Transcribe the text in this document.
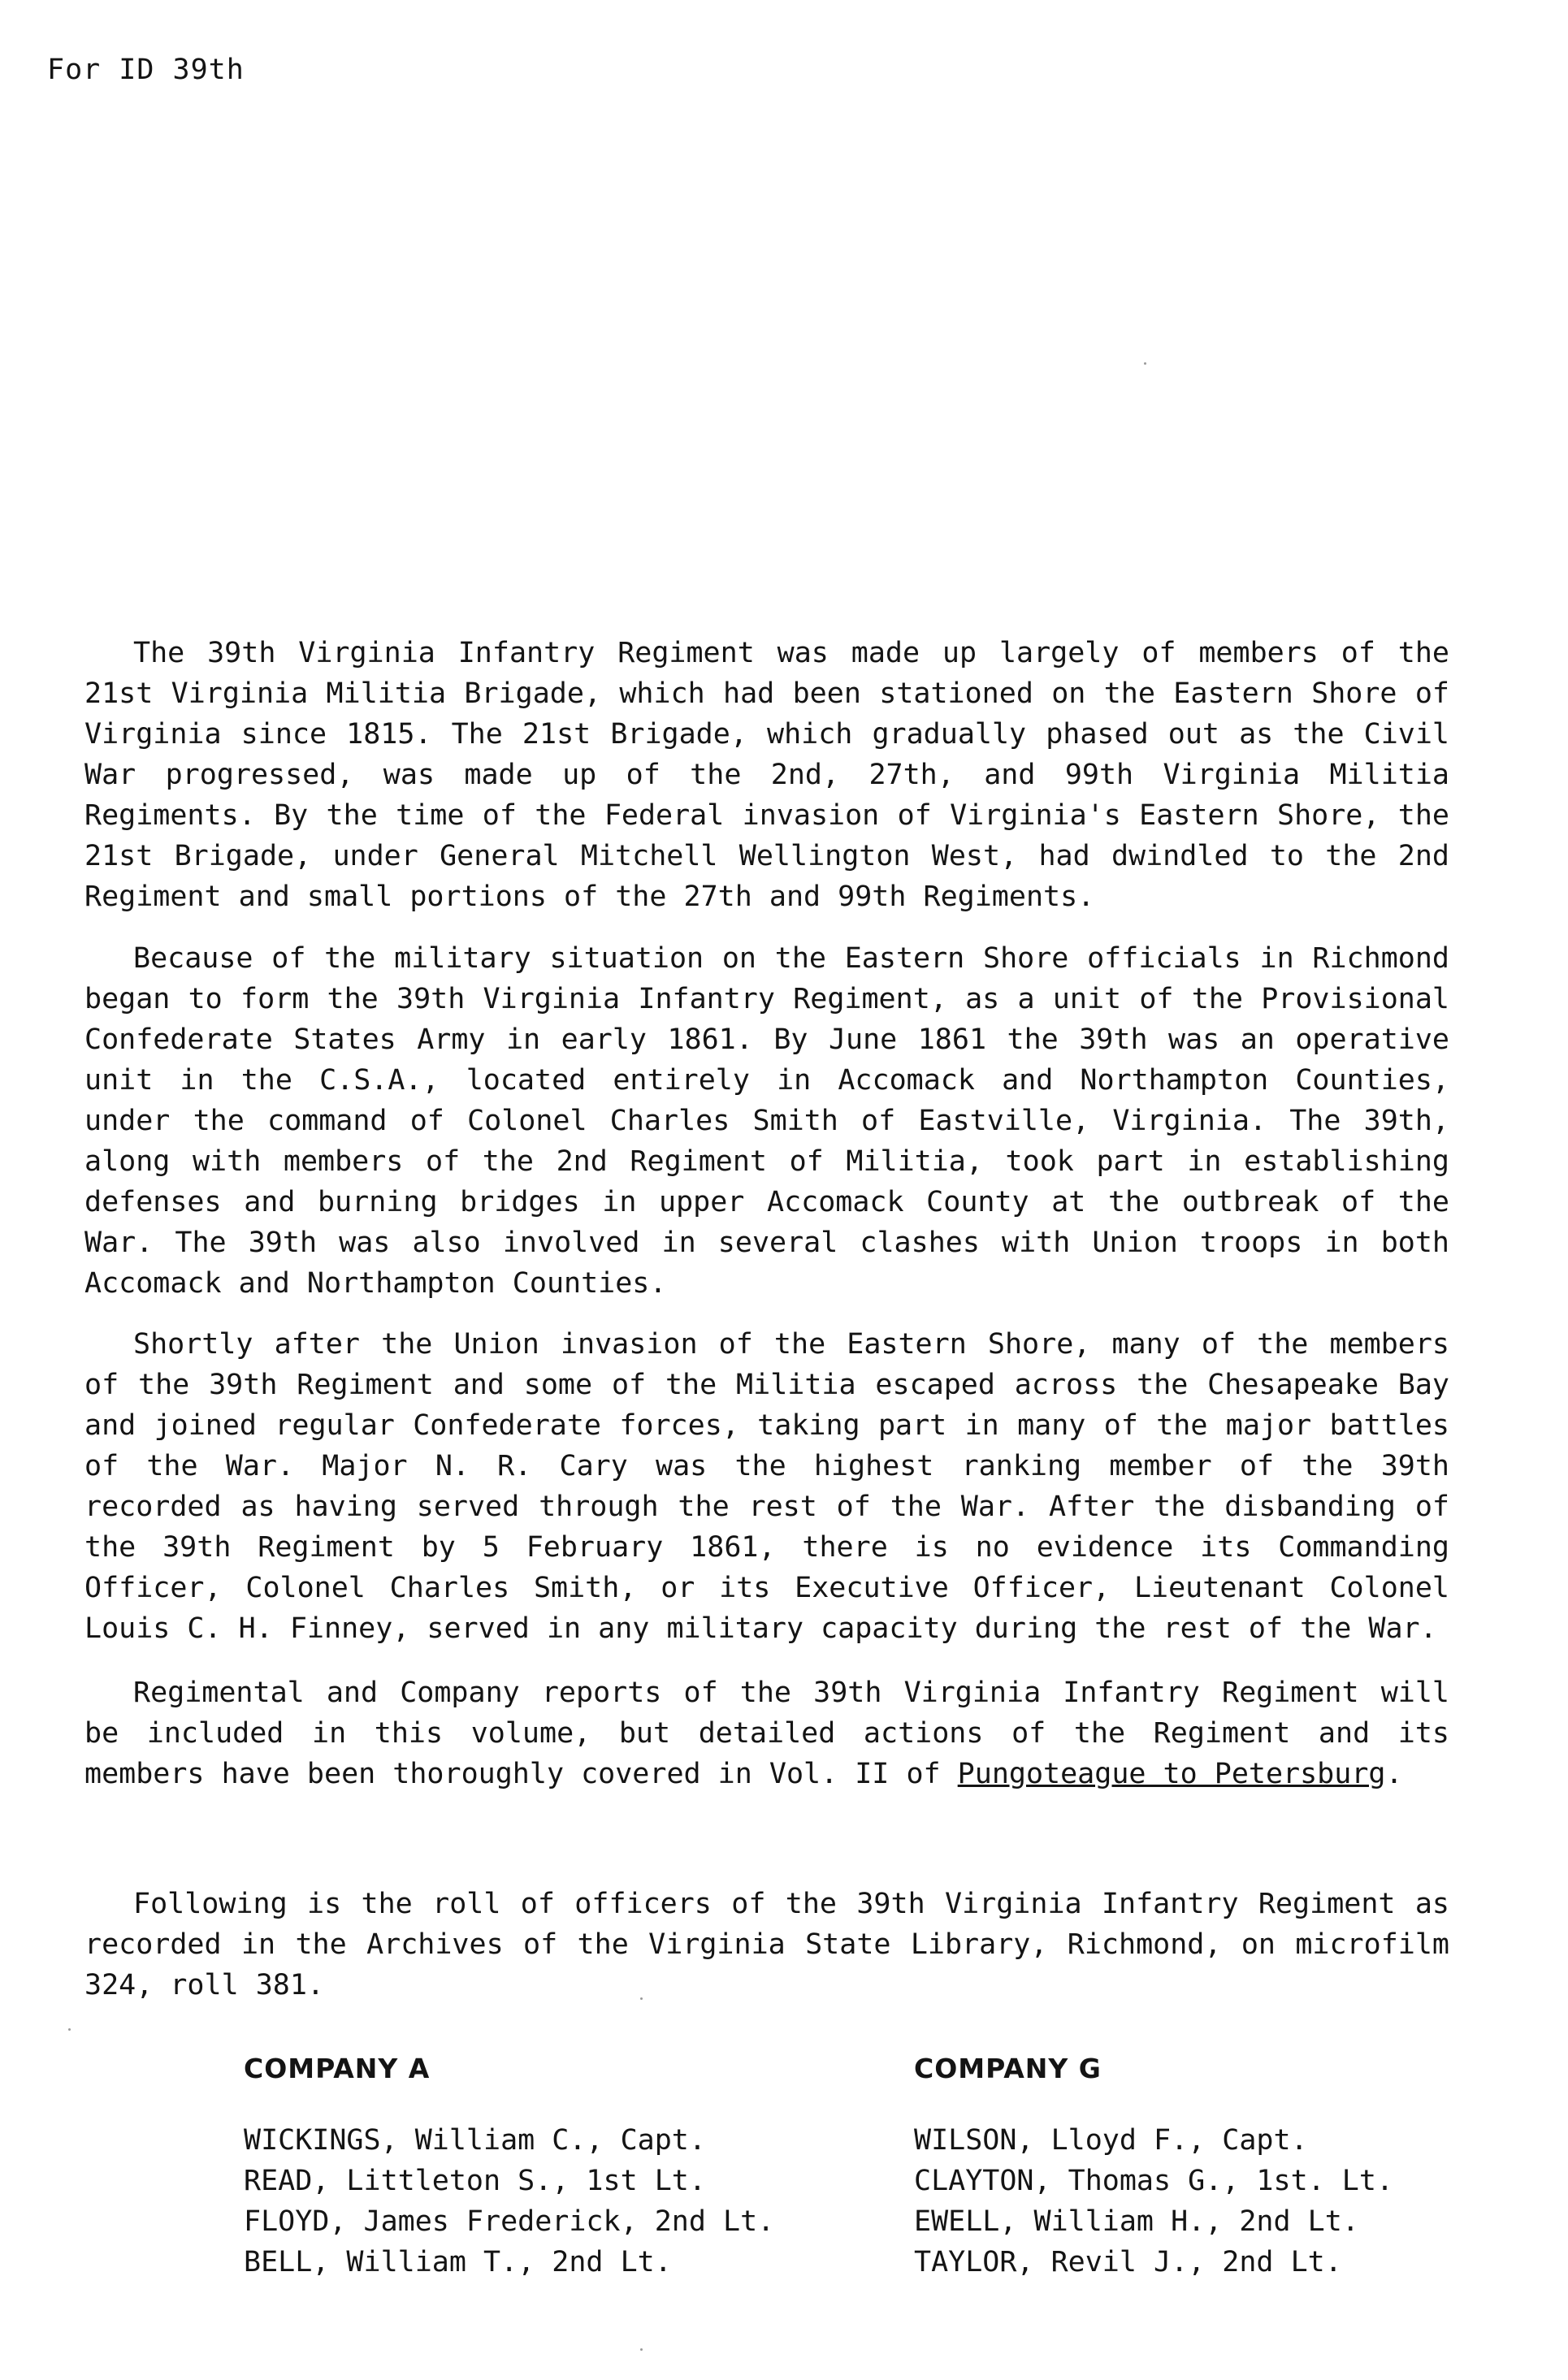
For ID 39th

The 39th Virginia Infantry Regiment was made up largely of members of the 21st Virginia Militia Brigade, which had been stationed on the Eastern Shore of Virginia since 1815. The 21st Brigade, which gradually phased out as the Civil War progressed, was made up of the 2nd, 27th, and 99th Virginia Militia Regiments. By the time of the Federal invasion of Virginia's Eastern Shore, the 21st Brigade, under General Mitchell Wellington West, had dwindled to the 2nd Regiment and small portions of the 27th and 99th Regiments.

Because of the military situation on the Eastern Shore officials in Richmond began to form the 39th Virginia Infantry Regiment, as a unit of the Provisional Confederate States Army in early 1861. By June 1861 the 39th was an operative unit in the C.S.A., located entirely in Accomack and Northampton Counties, under the command of Colonel Charles Smith of Eastville, Virginia. The 39th, along with members of the 2nd Regiment of Militia, took part in establishing defenses and burning bridges in upper Accomack County at the outbreak of the War. The 39th was also involved in several clashes with Union troops in both Accomack and Northampton Counties.

Shortly after the Union invasion of the Eastern Shore, many of the members of the 39th Regiment and some of the Militia escaped across the Chesapeake Bay and joined regular Confederate forces, taking part in many of the major battles of the War. Major N. R. Cary was the highest ranking member of the 39th recorded as having served through the rest of the War. After the disbanding of the 39th Regiment by 5 February 1861, there is no evidence its Commanding Officer, Colonel Charles Smith, or its Executive Officer, Lieutenant Colonel Louis C. H. Finney, served in any military capacity during the rest of the War.

Regimental and Company reports of the 39th Virginia Infantry Regiment will be included in this volume, but detailed actions of the Regiment and its members have been thoroughly covered in Vol. II of Pungoteague to Petersburg.

Following is the roll of officers of the 39th Virginia Infantry Regiment as recorded in the Archives of the Virginia State Library, Richmond, on microfilm 324, roll 381.

COMPANY A
WICKINGS, William C., Capt.
READ, Littleton S., 1st Lt.
FLOYD, James Frederick, 2nd Lt.
BELL, William T., 2nd Lt.
COMPANY G
WILSON, Lloyd F., Capt.
CLAYTON, Thomas G., 1st. Lt.
EWELL, William H., 2nd Lt.
TAYLOR, Revil J., 2nd Lt.
